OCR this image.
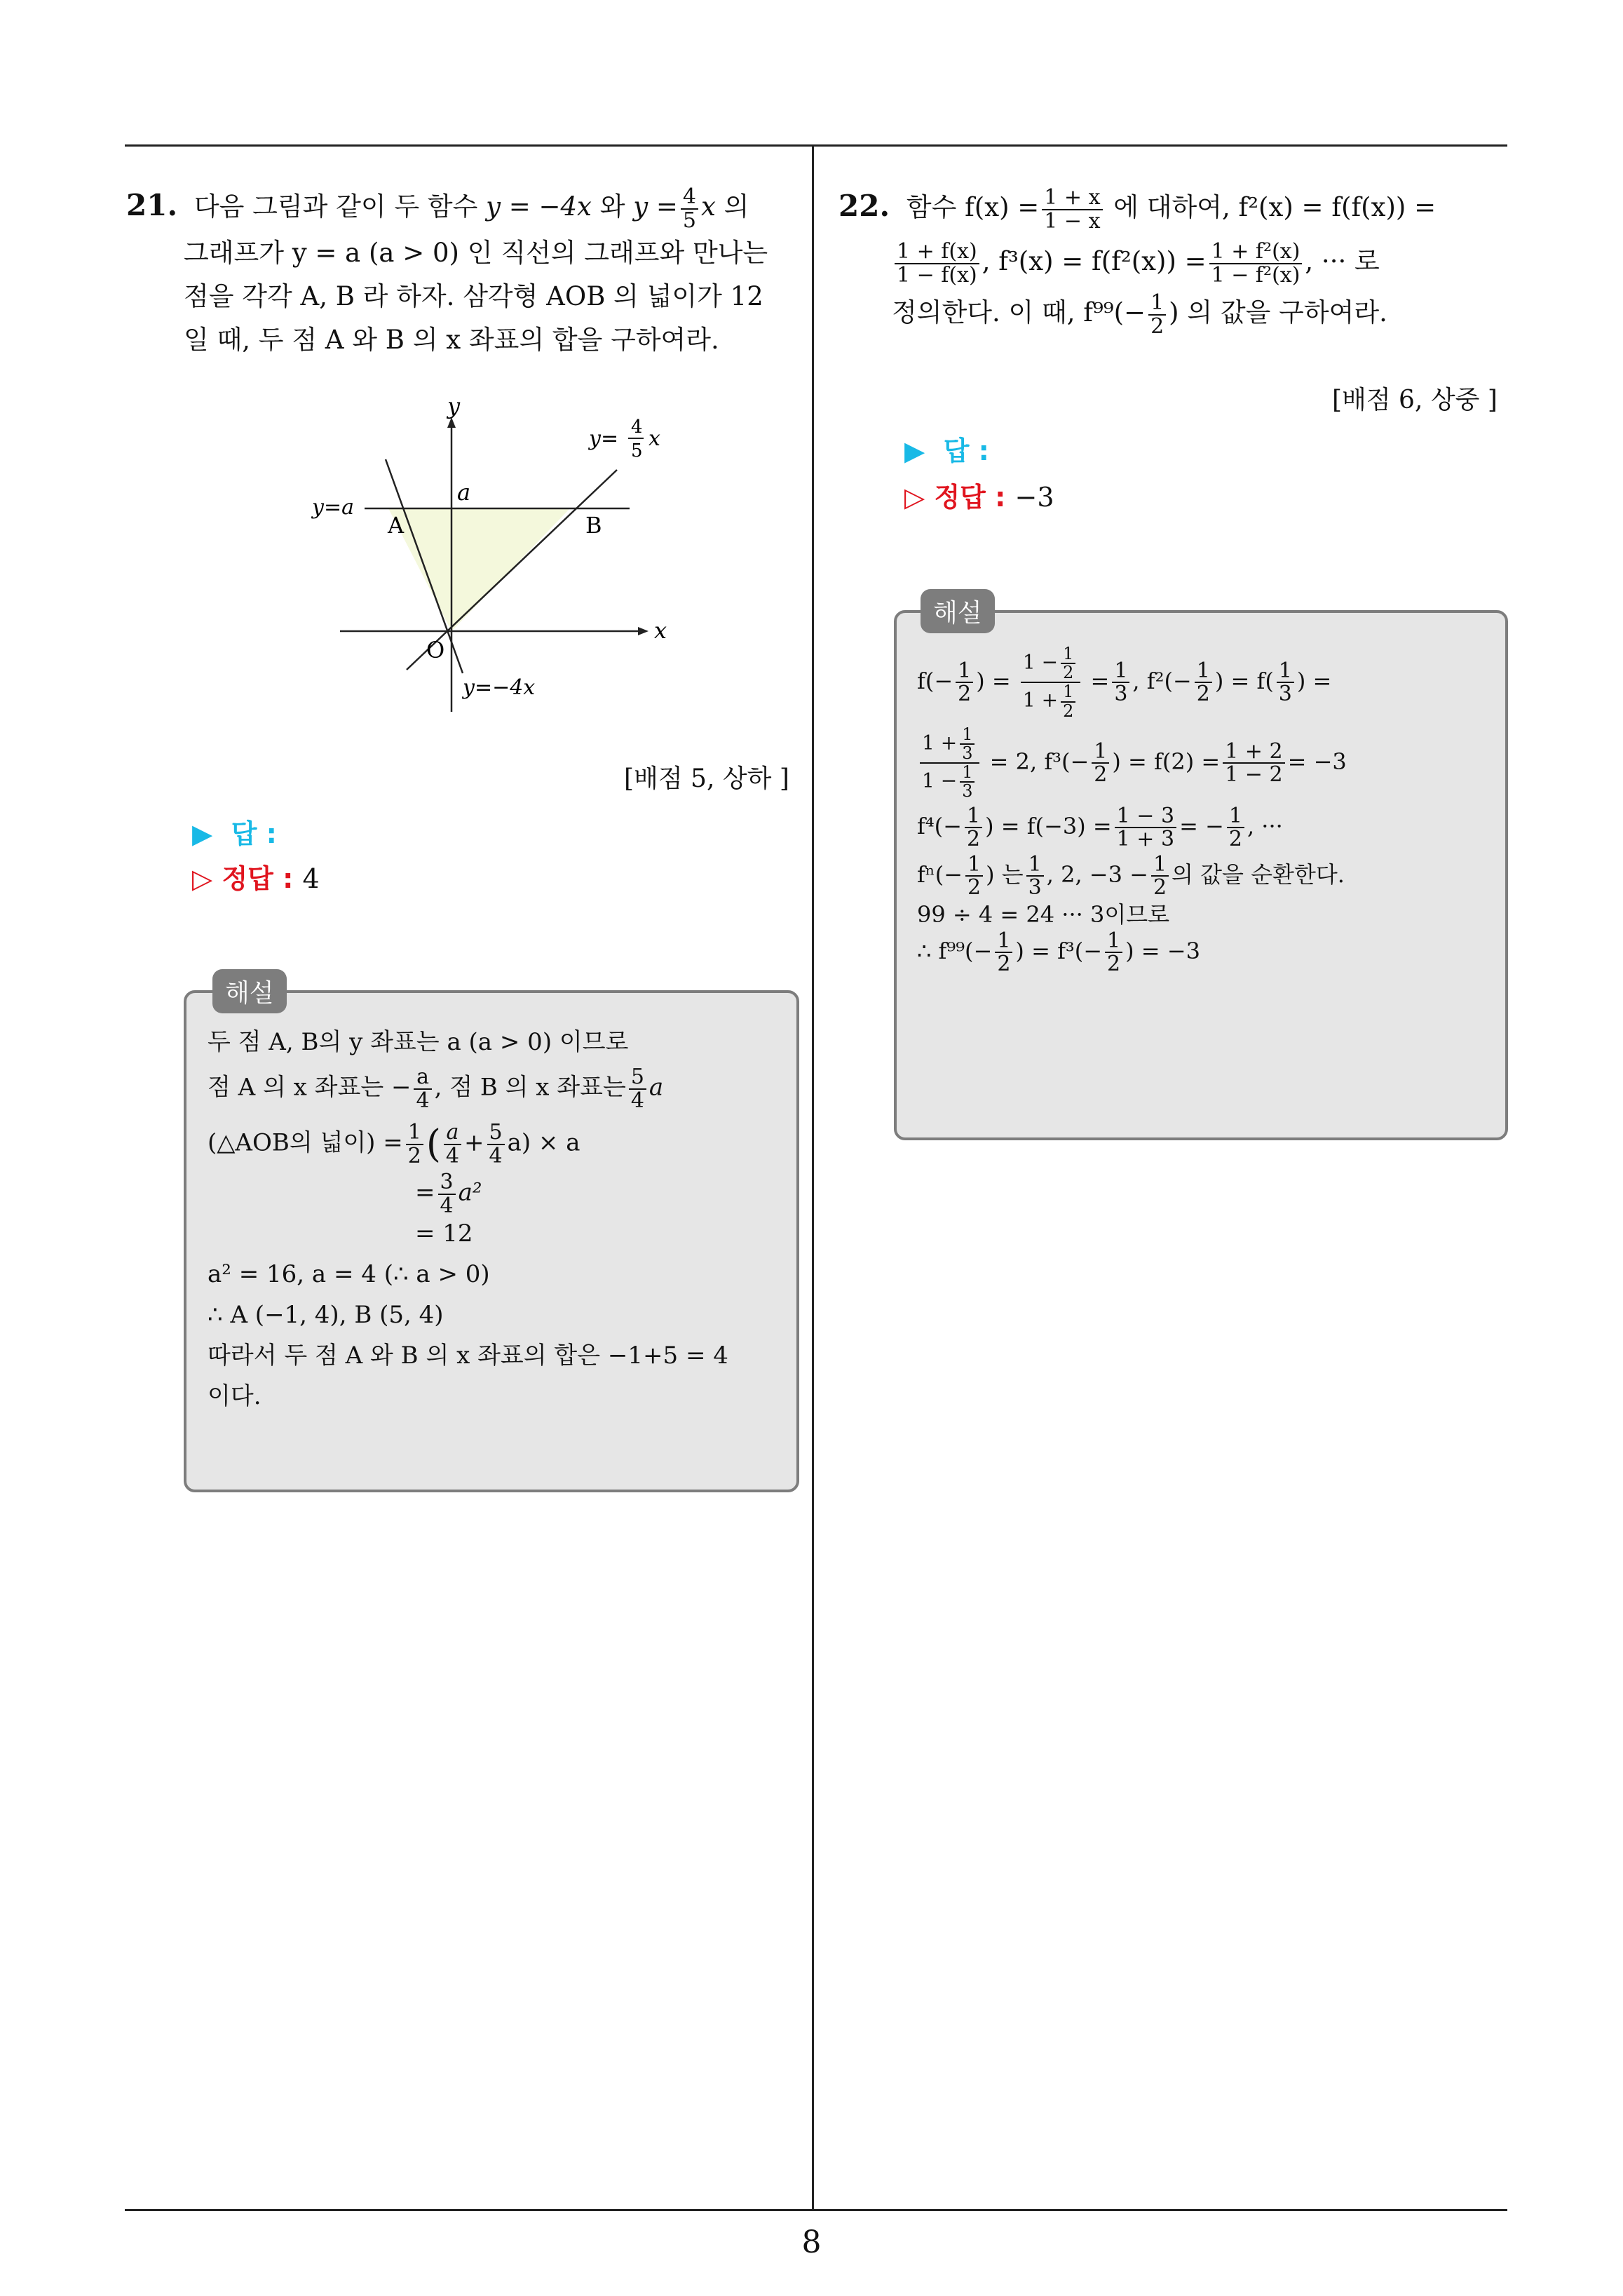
21. 다음 그림과 같이 두 함수 y = −4x 와 $y = \frac{4}{5}$ x 의
그래프가 y = a (a > 0) 인 직선의 그래프와 만나는
점을 각각 A, B 라 하자. 삼각형 AOB 의 넓이가 12
일 때, 두 점 A 와 B 의 x 좌표의 합을 구하여라.
y
x
O
y=a
a
A	B
y= 4
5 x
y=−4x
[배점 5, 상하 ]
▶ 답 :
▷ 정답 : 4
해설
두 점 A, B의 y 좌표는 a (a > 0) 이므로
점 A 의 x 좌표는 − $\frac{a}{4}$ , 점 B 의 x 좌표는 $\frac{5}{4}$ a
(△AOB의 넓이) = $\frac{1}{2}$ ( $\frac{a}{4} + \frac{5}{4} a) \times a$
= $\frac{3}{4} a^2$
= 12
a² = 16, a = 4 (∴ a > 0)
∴ A (−1, 4), B (5, 4)
따라서 두 점 A 와 B 의 x 좌표의 합은 −1+5 = 4
이다.
22. 함수 $f(x) = \frac{1 + x}{1 - x}$ 에 대하여, f²(x) = f(f(x)) =
$\frac{1 + f(x)}{1 - f(x)}$ , $f^3(x) = f(f^2(x)) = \frac{\text{1 + f²(x)}}{\text{1 − f²(x)}}$ , ··· 로
정의한다. 이 때, $f^{99}(- \frac{1}{2}$ ) 의 값을 구하여라.
[배점 6, 상중 ]
▶ 답 :
▷ 정답 : −3
해설
$f(- \frac{1}{2}$ ) = $\frac{1 - \frac{1}{2}}{1 + \frac{1}{2}} = \frac{1}{3}$ , $f^2(- \frac{1}{2}$ ) = $f( \frac{1}{3}$ ) =
$\frac{1 + \frac{1}{3}}{1 - \frac{1}{3}} = 2$, $f^3(- \frac{1}{2}$ ) = $f(2) = \frac{1 + 2}{1 - 2} = -3$
$f^4(- \frac{1}{2}$ ) = $f(-3) = \frac{1 - 3}{1 + 3}$ = − $\frac{1}{2}$ , ···
$f^n(- \frac{1}{2}$ ) 는 $\frac{1}{3}$ , 2, $-3 - \frac{1}{2}$ 의 값을 순환한다.
99 ÷ 4 = 24 ··· 3이므로
∴ $f^{99}(- \frac{1}{2}$ ) = $f^3(- \frac{1}{2}$ ) = −3
8
